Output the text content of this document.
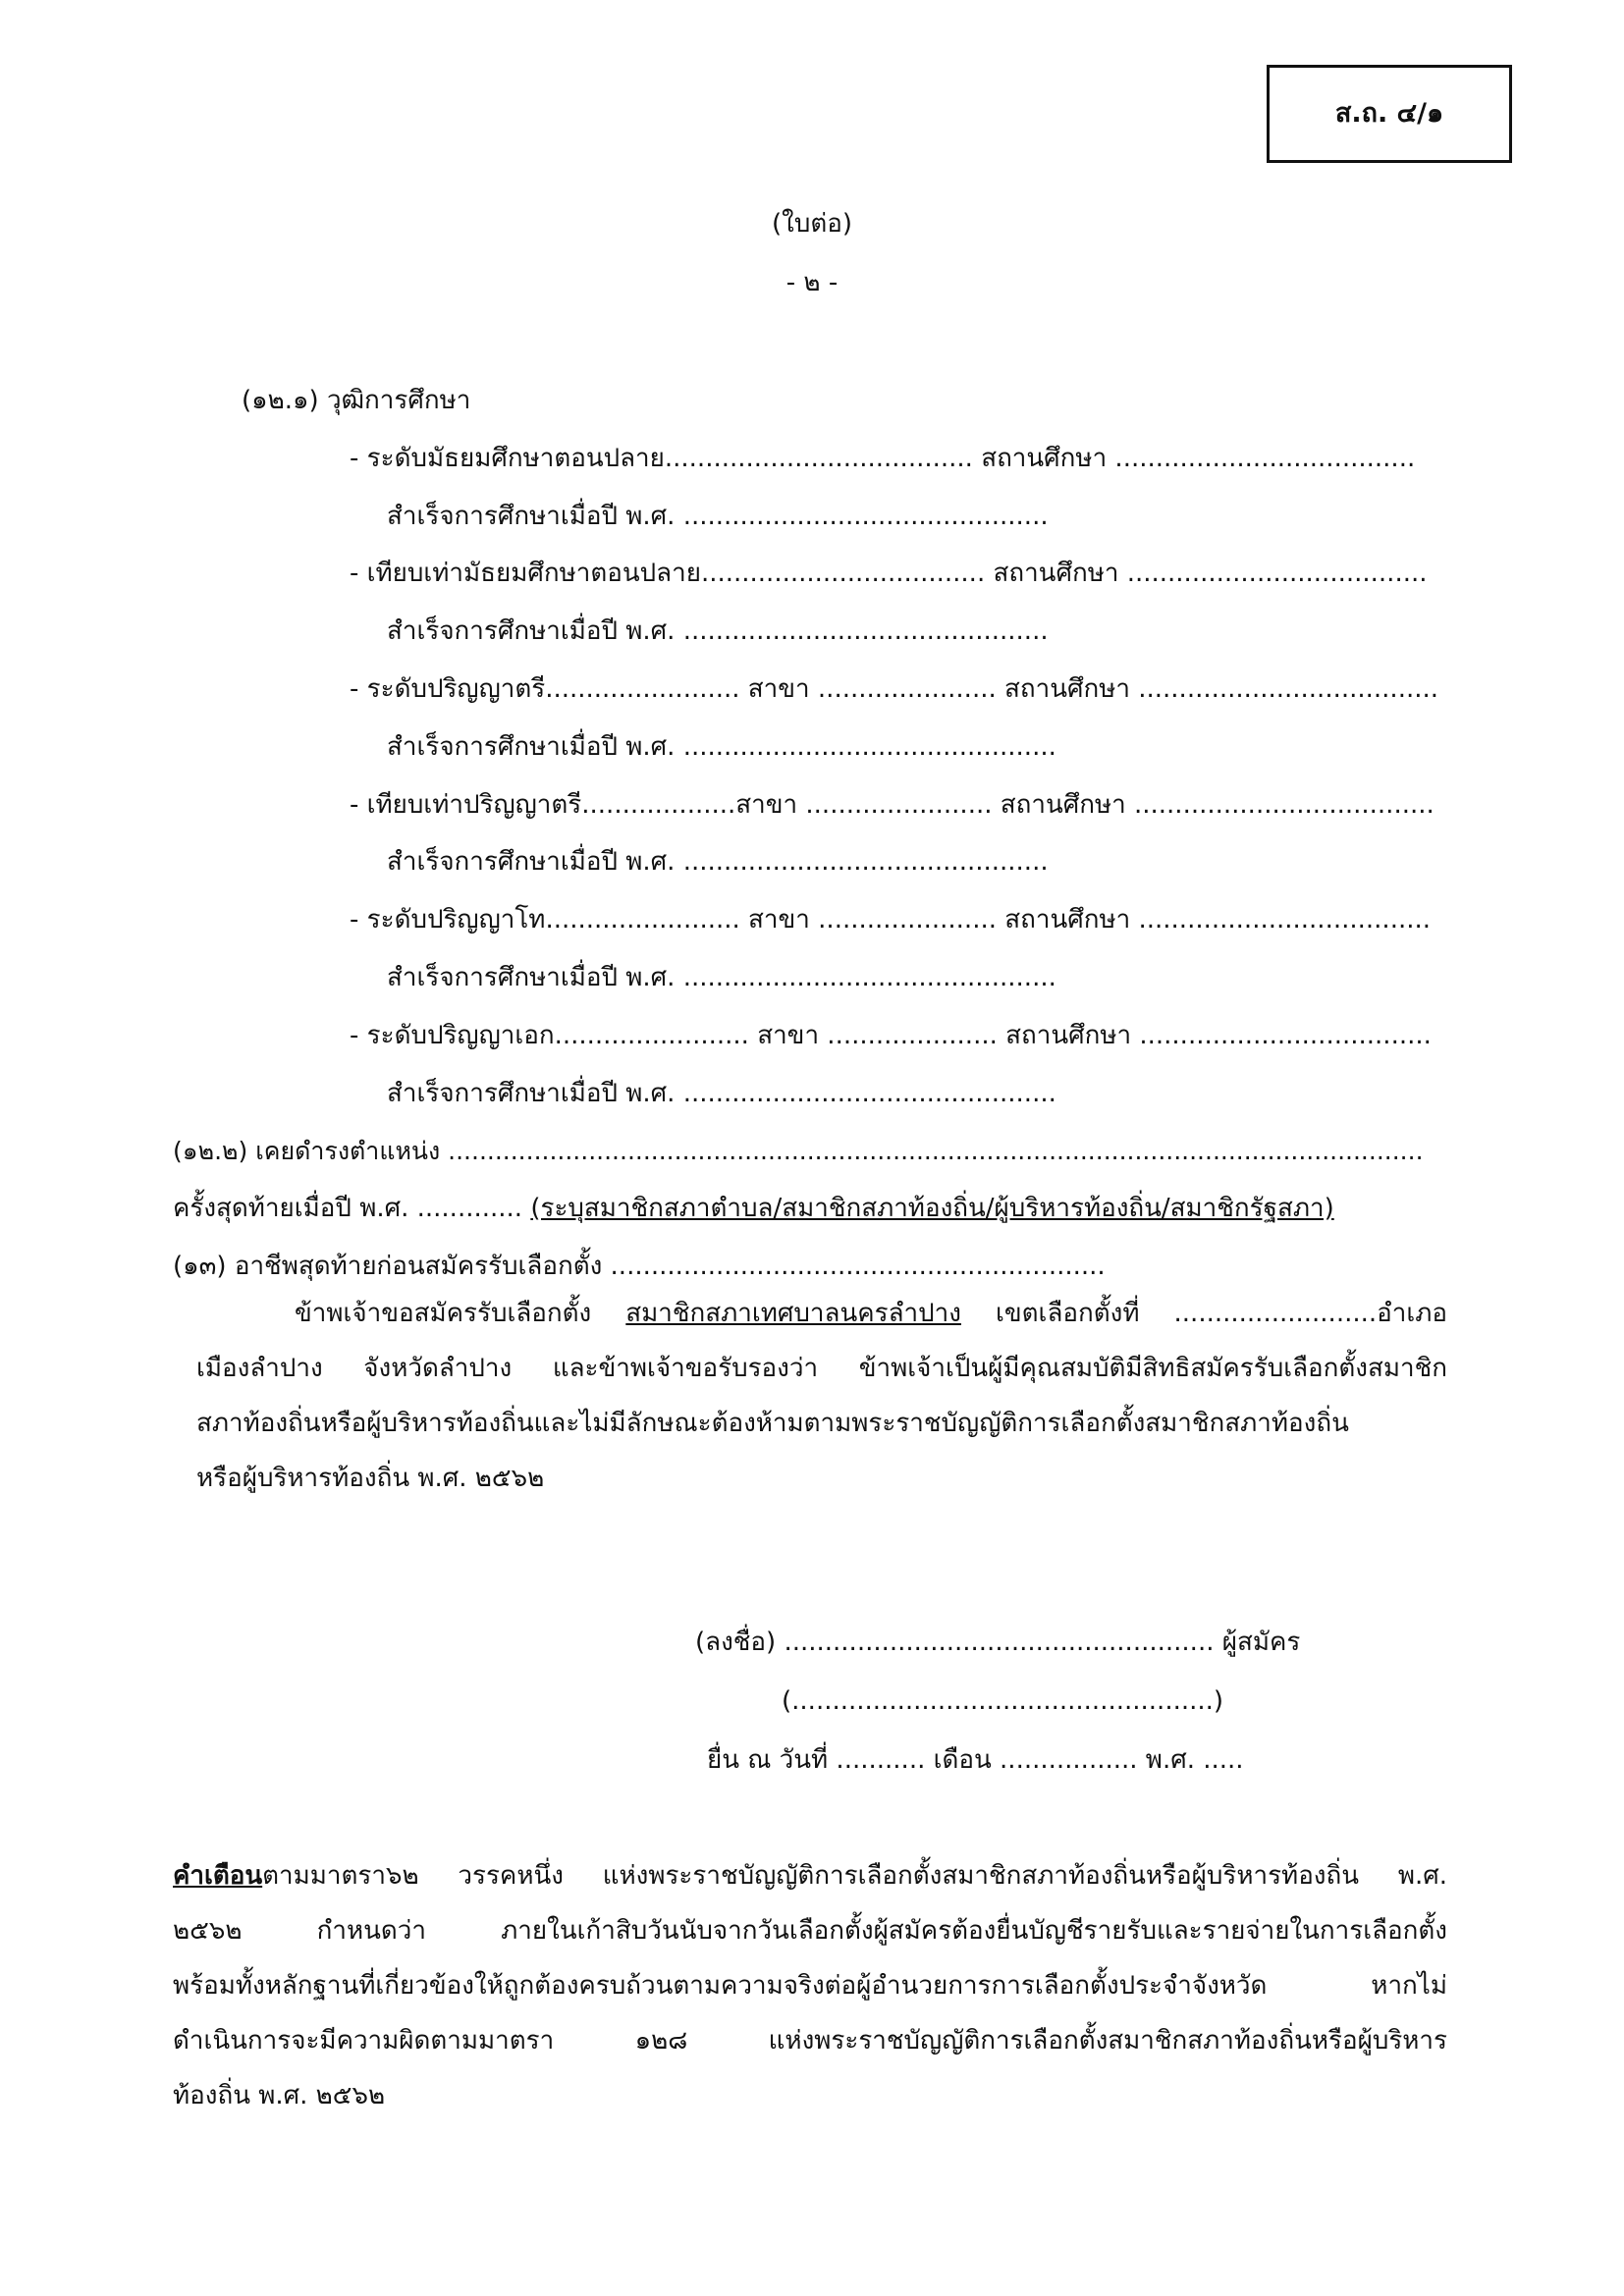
ส.ถ. ๔/๑
(ใบต่อ)
- ๒ -
(๑๒.๑) วุฒิการศึกษา
- ระดับมัธยมศึกษาตอนปลาย...................................... สถานศึกษา .....................................
สำเร็จการศึกษาเมื่อปี พ.ศ. .............................................
- เทียบเท่ามัธยมศึกษาตอนปลาย................................... สถานศึกษา .....................................
สำเร็จการศึกษาเมื่อปี พ.ศ. .............................................
- ระดับปริญญาตรี........................ สาขา ...................... สถานศึกษา .....................................
สำเร็จการศึกษาเมื่อปี พ.ศ. ..............................................
- เทียบเท่าปริญญาตรี...................สาขา ....................... สถานศึกษา .....................................
สำเร็จการศึกษาเมื่อปี พ.ศ. .............................................
- ระดับปริญญาโท........................ สาขา ...................... สถานศึกษา ....................................
สำเร็จการศึกษาเมื่อปี พ.ศ. ..............................................
- ระดับปริญญาเอก........................ สาขา ..................... สถานศึกษา ....................................
สำเร็จการศึกษาเมื่อปี พ.ศ. ..............................................
(๑๒.๒) เคยดำรงตำแหน่ง .............................................................................................................................
ครั้งสุดท้ายเมื่อปี พ.ศ. ............. (ระบุสมาชิกสภาตำบล/สมาชิกสภาท้องถิ่น/ผู้บริหารท้องถิ่น/สมาชิกรัฐสภา)
(๑๓) อาชีพสุดท้ายก่อนสมัครรับเลือกตั้ง .............................................................
ข้าพเจ้าขอสมัครรับเลือกตั้ง สมาชิกสภาเทศบาลนครลำปาง เขตเลือกตั้งที่ .........................อำเภอ
เมืองลำปาง จังหวัดลำปาง และข้าพเจ้าขอรับรองว่า ข้าพเจ้าเป็นผู้มีคุณสมบัติมีสิทธิสมัครรับเลือกตั้งสมาชิก
สภาท้องถิ่นหรือผู้บริหารท้องถิ่นและไม่มีลักษณะต้องห้ามตามพระราชบัญญัติการเลือกตั้งสมาชิกสภาท้องถิ่น
หรือผู้บริหารท้องถิ่น พ.ศ. ๒๕๖๒
(ลงชื่อ) ..................................................... ผู้สมัคร
(....................................................)
ยื่น ณ วันที่ ........... เดือน ................. พ.ศ. .....
คำเตือนตามมาตรา๖๒ วรรคหนึ่ง แห่งพระราชบัญญัติการเลือกตั้งสมาชิกสภาท้องถิ่นหรือผู้บริหารท้องถิ่น พ.ศ.
๒๕๖๒ กำหนดว่า ภายในเก้าสิบวันนับจากวันเลือกตั้งผู้สมัครต้องยื่นบัญชีรายรับและรายจ่ายในการเลือกตั้ง
พร้อมทั้งหลักฐานที่เกี่ยวข้องให้ถูกต้องครบถ้วนตามความจริงต่อผู้อำนวยการการเลือกตั้งประจำจังหวัด หากไม่
ดำเนินการจะมีความผิดตามมาตรา ๑๒๘ แห่งพระราชบัญญัติการเลือกตั้งสมาชิกสภาท้องถิ่นหรือผู้บริหาร
ท้องถิ่น พ.ศ. ๒๕๖๒
